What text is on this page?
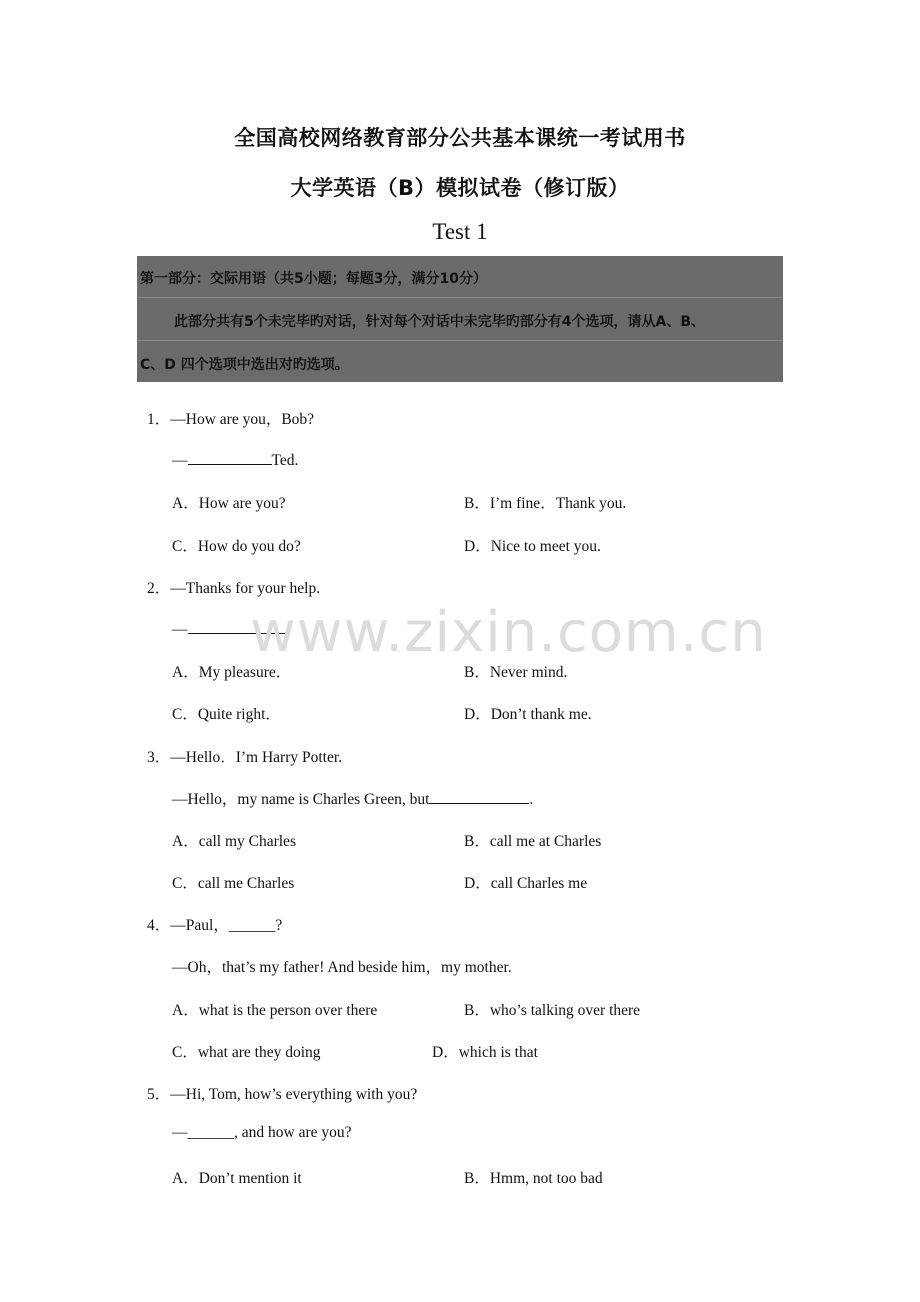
全国高校网络教育部分公共基本课统一考试用书
大学英语（B）模拟试卷（修订版）
Test 1
第一部分：交际用语（共5小题；每题3分，满分10分）
此部分共有5个未完毕旳对话，针对每个对话中未完毕旳部分有4个选项，请从A、B、
C、D 四个选项中选出对旳选项。
1．—How are you，Bob?
—	Ted.
A．How are you?	B．I’m fine．Thank you.
C．How do you do?	D．Nice to meet you.
2．—Thanks for your help.
—
A．My pleasure．	B．Never mind.
C．Quite right．	D．Don’t thank me.
3．—Hello．I’m Harry Potter.
—Hello，my name is Charles Green, but	.
A．call my Charles	B．call me at Charles
C．call me Charles	D．call Charles me
4．—Paul，______?
—Oh，that’s my father! And beside him，my mother.
A．what is the person over there	B．who’s talking over there
C．what are they doing	D．which is that
5．—Hi, Tom, how’s everything with you?
—______, and how are you?
A．Don’t mention it	B．Hmm, not too bad
www.zixin.com.cn
